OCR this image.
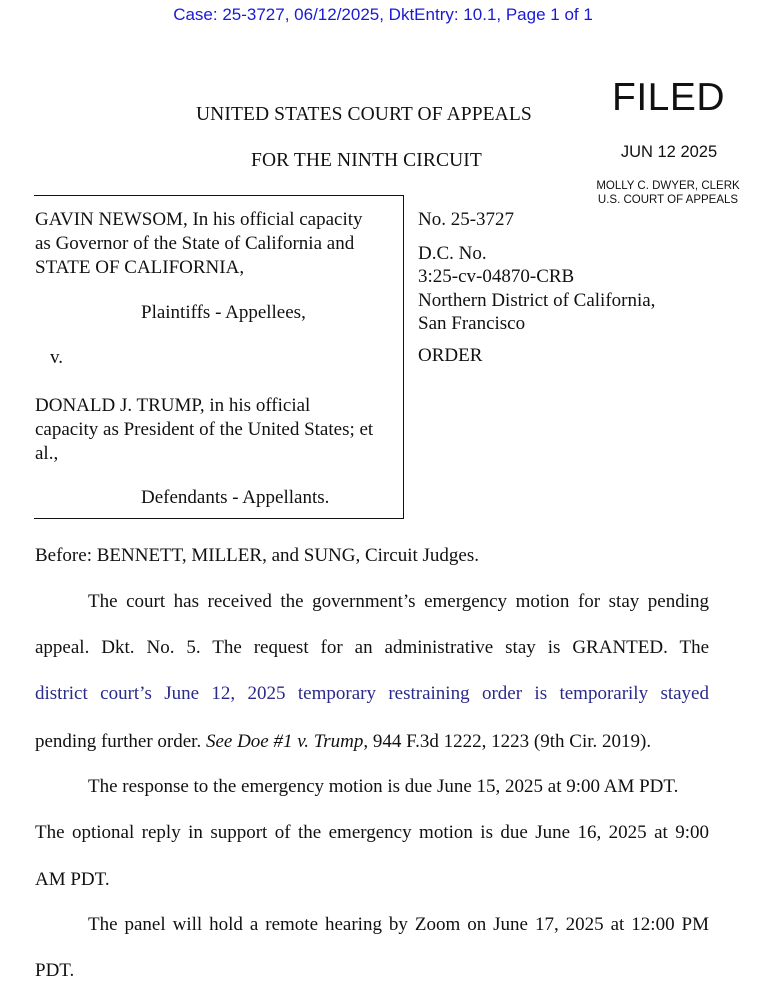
Case: 25-3727, 06/12/2025, DktEntry: 10.1, Page 1 of 1
UNITED STATES COURT OF APPEALS
FOR THE NINTH CIRCUIT
FILED
JUN 12 2025
MOLLY C. DWYER, CLERK
U.S. COURT OF APPEALS
GAVIN NEWSOM, In his official capacity
as Governor of the State of California and
STATE OF CALIFORNIA,
Plaintiffs - Appellees,
v.
DONALD J. TRUMP, in his official
capacity as President of the United States; et
al.,
Defendants - Appellants.
No. 25-3727
D.C. No.
3:25-cv-04870-CRB
Northern District of California,
San Francisco
ORDER
Before: BENNETT, MILLER, and SUNG, Circuit Judges.
The court has received the government’s emergency motion for stay pending
appeal. Dkt. No. 5. The request for an administrative stay is GRANTED. The
district court’s June 12, 2025 temporary restraining order is temporarily stayed
pending further order. See Doe #1 v. Trump, 944 F.3d 1222, 1223 (9th Cir. 2019).
The response to the emergency motion is due June 15, 2025 at 9:00 AM PDT.
The optional reply in support of the emergency motion is due June 16, 2025 at 9:00
AM PDT.
The panel will hold a remote hearing by Zoom on June 17, 2025 at 12:00 PM
PDT.
